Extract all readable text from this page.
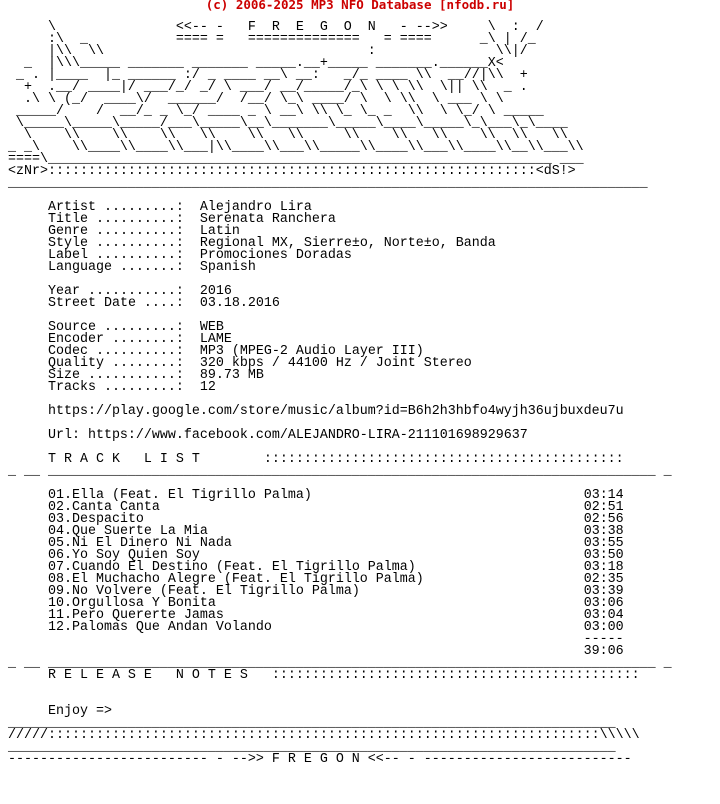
(c) 2006-2025 MP3 NFO Database [nfodb.ru]
\               <<-- -   F  R  E  G  O  N   - -->>     \  :  /
:\  _           ==== =   ==============   = ====      _\ | /_
|\\  \\                                 :               \\|/
_  |\\\_____ _______ _______ _____.__+_____ _______.______X<
_ . |____  |_ ______ :/ _ ____ __\ __:   _/_ ____ \\  __//|\\  +
+  .__/ ____|/ ___/_/ _/ \ ___/ __/_____/_\ \ \ \\  \|| \\  _ .
.\ \ (_/  ____\/  ______/  /__/ \_\ ____/ \  \ \\  \ ___ \ \
_____/    /  __/_ _ \_/ ____ _ \ __\ \\ \_ \_ _  \\  \ \_/ \ _____
\_____\_____\_____/___\_____\__\_______\_____\____\_____\_\___\_\____
\    \\    \\    \\   \\    \\   \\     \\    \\   \\    \\  \\   \\
_ _\    \\____\\____\\___|\\____\\___\\_____\\____\\___\\____\\__\\___\\
====\_______________________________________________________________ ___
<zNr>:::::::::::::::::::::::::::::::::::::::::::::::::::::::::::::<dS!>
________________________________________________________________________________

Artist .........: Alejandro Lira
Title ..........: Serenata Ranchera
Genre ..........: Latin
Style ..........: Regional MX, Sierre±o, Norte±o, Banda
Label ..........: Promociones Doradas
Language .......: Spanish

Year ...........: 2016
Street Date ....: 03.18.2016

Source .........: WEB
Encoder ........: LAME
Codec ..........: MP3 (MPEG-2 Audio Layer III)
Quality ........: 320 kbps / 44100 Hz / Joint Stereo
Size ...........: 89.73 MB
Tracks .........: 12

https://play.google.com/store/music/album?id=B6h2h3hbfo4wyjh36ujbuxdeu7u

Url: https://www.facebook.com/ALEJANDRO-LIRA-211101698929637

T R A C K   L I S T        :::::::::::::::::::::::::::::::::::::::::::::
_ __ ____________________________________________________________________________ _

01.Ella (Feat. El Tigrillo Palma)                                  03:14
02.Canta Canta                                                     02:51
03.Despacito                                                       02:56
04.Que Suerte La Mia                                               03:38
05.Ni El Dinero Ni Nada                                            03:55
06.Yo Soy Quien Soy                                                03:50
07.Cuando El Destino (Feat. El Tigrillo Palma)                     03:18
08.El Muchacho Alegre (Feat. El Tigrillo Palma)                    02:35
09.No Volvere (Feat. El Tigrillo Palma)                            03:39
10.Orgullosa Y Bonita                                              03:06
11.Pero Quererte Jamas                                             03:04
12.Palomas Que Andan Volando                                       03:00
-----
39:06
_ __ ____________________________________________________________________________ _
R E L E A S E   N O T E S   ::::::::::::::::::::::::::::::::::::::::::::::

Enjoy =>
____________________________________________________________________________
/////:::::::::::::::::::::::::::::::::::::::::::::::::::::::::::::::::::::\\\\\
____________________________________________________________________________
------------------------- - -->> F R E G O N <<-- - --------------------------
